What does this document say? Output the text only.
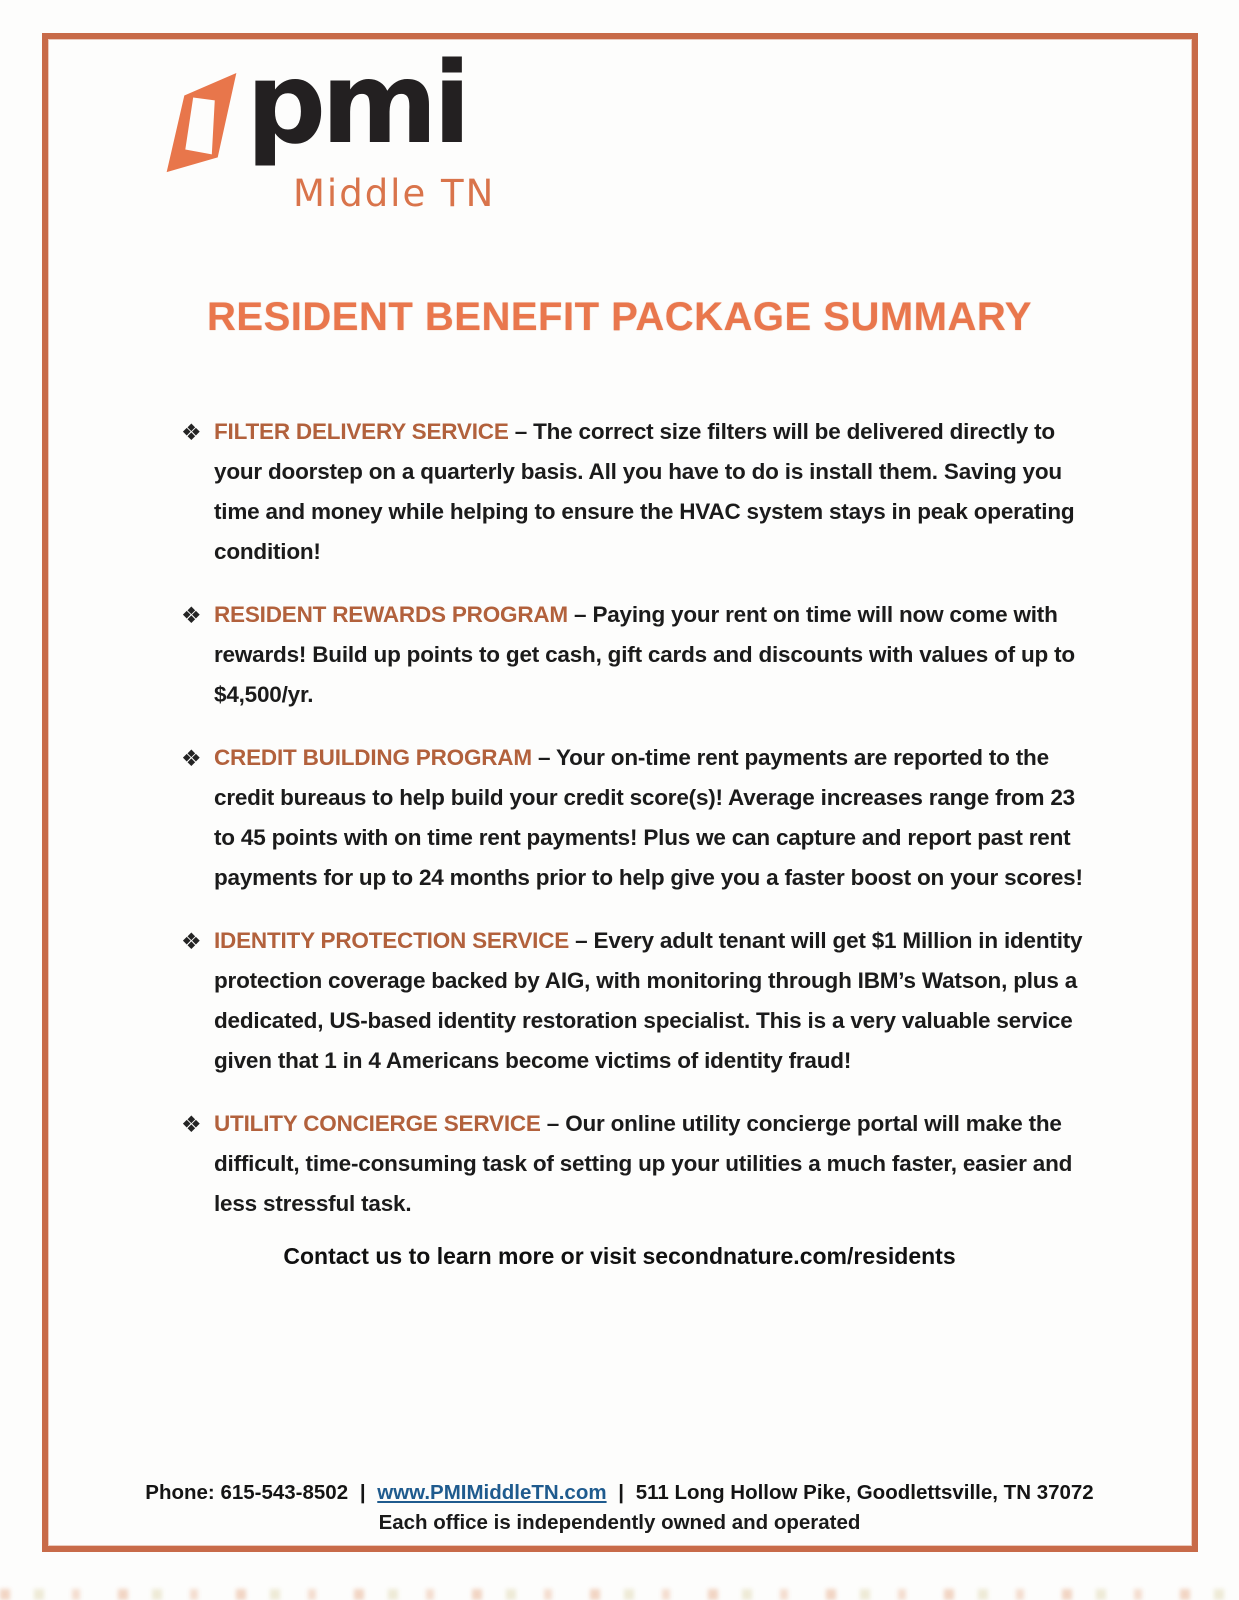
pmi
Middle TN
RESIDENT BENEFIT PACKAGE SUMMARY
❖ FILTER DELIVERY SERVICE – The correct size filters will be delivered directly to your doorstep on a quarterly basis. All you have to do is install them. Saving you time and money while helping to ensure the HVAC system stays in peak operating condition!

❖ RESIDENT REWARDS PROGRAM – Paying your rent on time will now come with rewards! Build up points to get cash, gift cards and discounts with values of up to $4,500/yr.

❖ CREDIT BUILDING PROGRAM – Your on-time rent payments are reported to the credit bureaus to help build your credit score(s)! Average increases range from 23 to 45 points with on time rent payments! Plus we can capture and report past rent payments for up to 24 months prior to help give you a faster boost on your scores!

❖ IDENTITY PROTECTION SERVICE – Every adult tenant will get $1 Million in identity protection coverage backed by AIG, with monitoring through IBM’s Watson, plus a dedicated, US-based identity restoration specialist. This is a very valuable service given that 1 in 4 Americans become victims of identity fraud!

❖ UTILITY CONCIERGE SERVICE – Our online utility concierge portal will make the difficult, time-consuming task of setting up your utilities a much faster, easier and less stressful task.

Contact us to learn more or visit secondnature.com/residents
Phone: 615-543-8502 | www.PMIMiddleTN.com | 511 Long Hollow Pike, Goodlettsville, TN 37072
Each office is independently owned and operated
